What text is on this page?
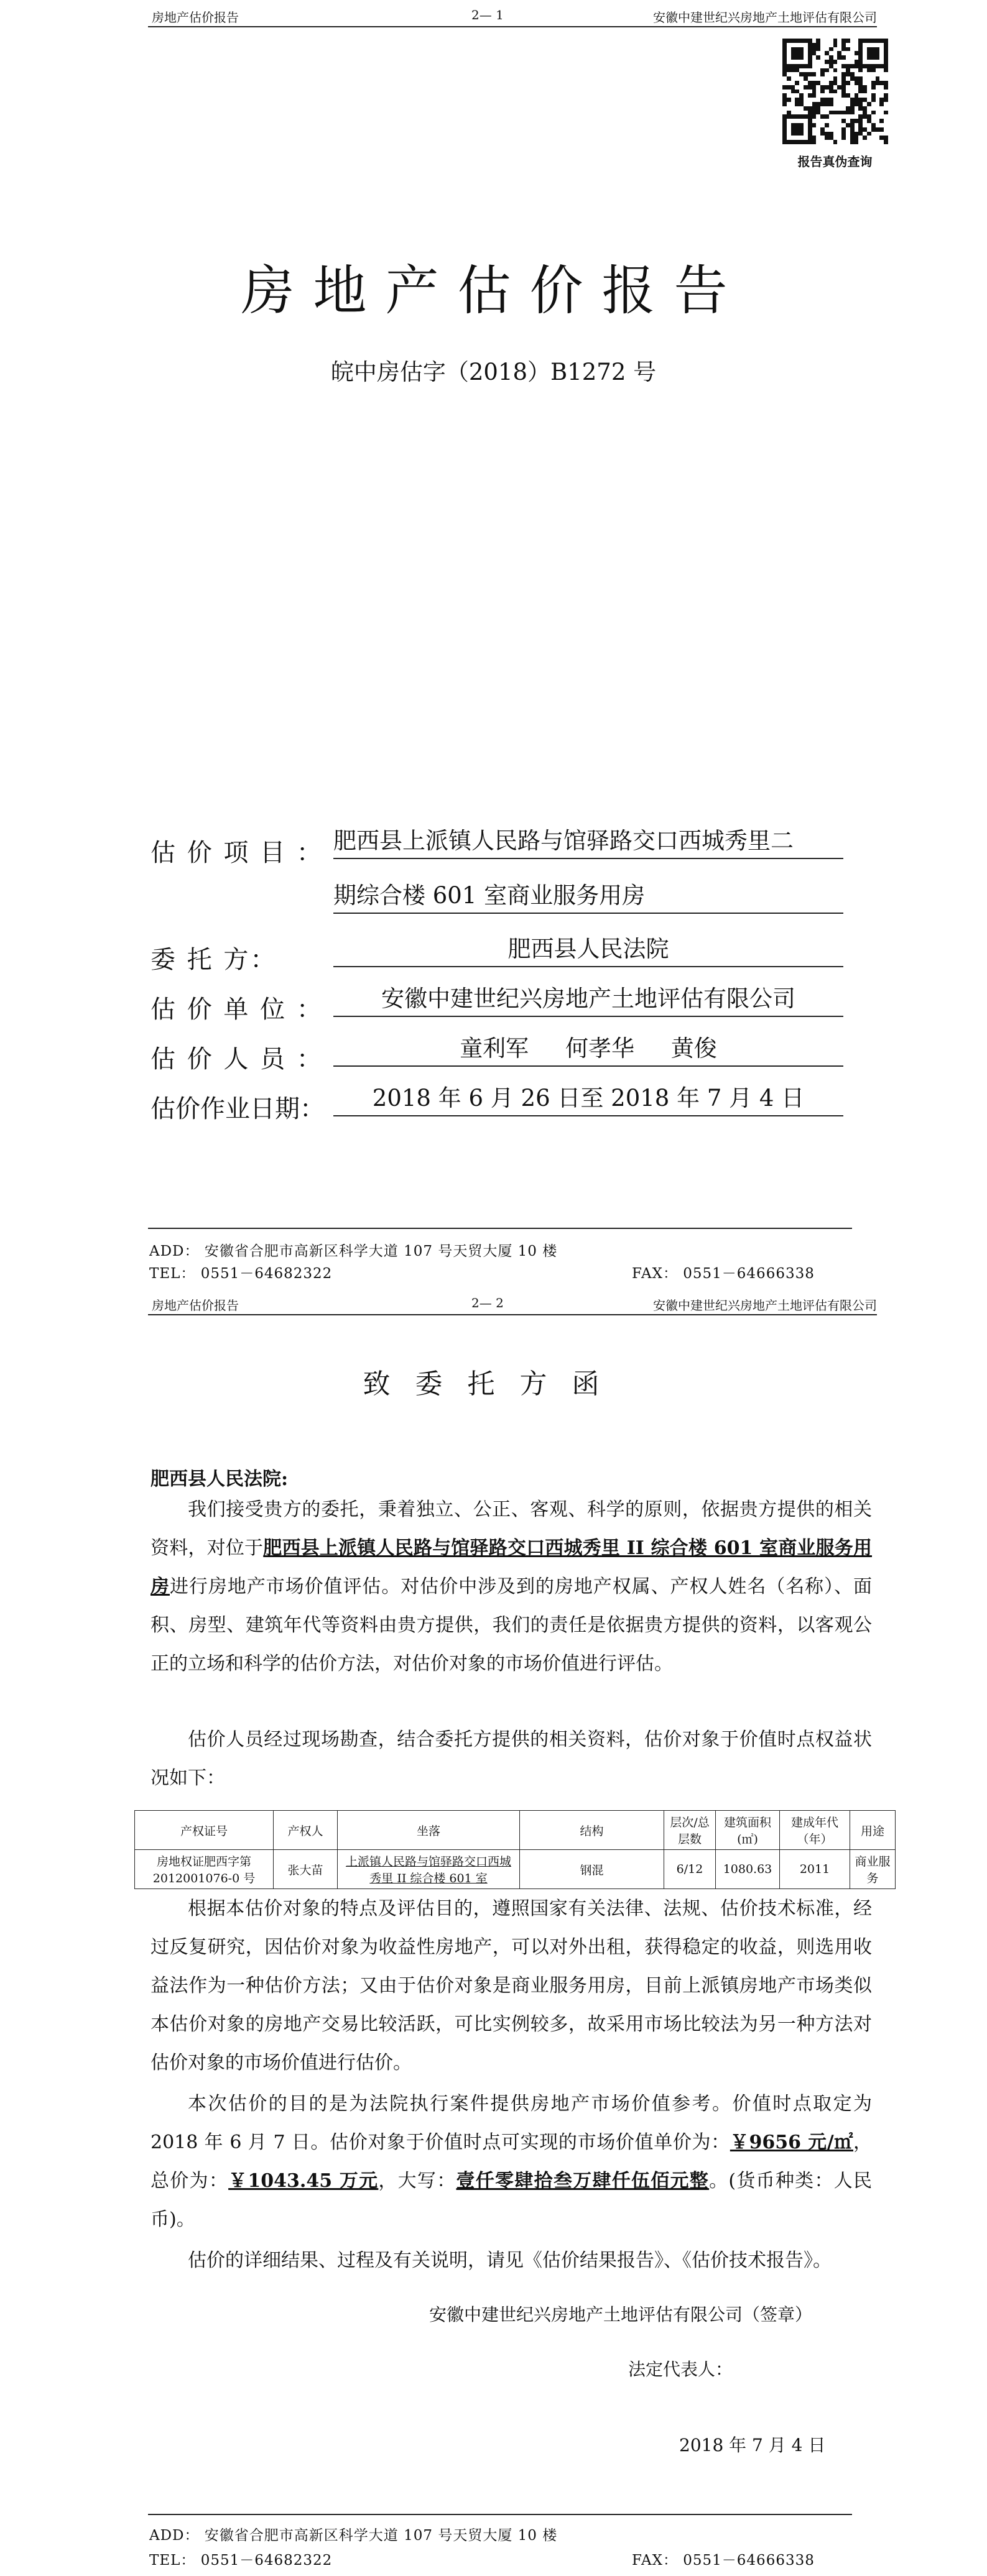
房地产估价报告	2— 1	安徽中建世纪兴房地产土地评估有限公司
报告真伪查询
房地产估价报告
皖中房估字（2018）B1272 号
估 价 项 目 ： 肥西县上派镇人民路与馆驿路交口西城秀里二
期综合楼 601 室商业服务用房
委 托 方：	肥西县人民法院
估 价 单 位 ：	安徽中建世纪兴房地产土地评估有限公司
估 价 人 员 ：	童利军     何孝华     黄俊
估价作业日期：	2018 年 6 月 26 日至 2018 年 7 月 4 日
ADD： 安徽省合肥市高新区科学大道 107 号天贸大厦 10 楼
TEL： 0551－64682322	FAX： 0551－64666338
房地产估价报告	2— 2	安徽中建世纪兴房地产土地评估有限公司
致委托方函
肥西县人民法院:
我们接受贵方的委托，秉着独立、公正、客观、科学的原则，依据贵方提供的相关资料，对位于肥西县上派镇人民路与馆驿路交口西城秀里 II 综合楼 601 室商业服务用房进行房地产市场价值评估。对估价中涉及到的房地产权属、产权人姓名（名称）、面积、房型、建筑年代等资料由贵方提供，我们的责任是依据贵方提供的资料，以客观公正的立场和科学的估价方法，对估价对象的市场价值进行评估。
估价人员经过现场勘查，结合委托方提供的相关资料，估价对象于价值时点权益状况如下：
产权证号	产权人	坐落	结构	层次/总层数	建筑面积(㎡)	建成年代（年）	用途
房地权证肥西字第2012001076-0 号	张大苗	上派镇人民路与馆驿路交口西城秀里 II 综合楼 601 室	钢混	6/12	1080.63	2011	商业服务
根据本估价对象的特点及评估目的，遵照国家有关法律、法规、估价技术标准，经过反复研究，因估价对象为收益性房地产，可以对外出租，获得稳定的收益，则选用收益法作为一种估价方法；又由于估价对象是商业服务用房，目前上派镇房地产市场类似本估价对象的房地产交易比较活跃，可比实例较多，故采用市场比较法为另一种方法对估价对象的市场价值进行估价。
本次估价的目的是为法院执行案件提供房地产市场价值参考。价值时点取定为 2018 年 6 月 7 日。估价对象于价值时点可实现的市场价值单价为：￥9656 元/㎡，总价为：￥1043.45 万元，大写：壹仟零肆拾叁万肆仟伍佰元整。(货币种类：人民币)。
估价的详细结果、过程及有关说明，请见《估价结果报告》、《估价技术报告》。
安徽中建世纪兴房地产土地评估有限公司（签章）
法定代表人：
2018 年 7 月 4 日
ADD： 安徽省合肥市高新区科学大道 107 号天贸大厦 10 楼
TEL： 0551－64682322	FAX： 0551－64666338
